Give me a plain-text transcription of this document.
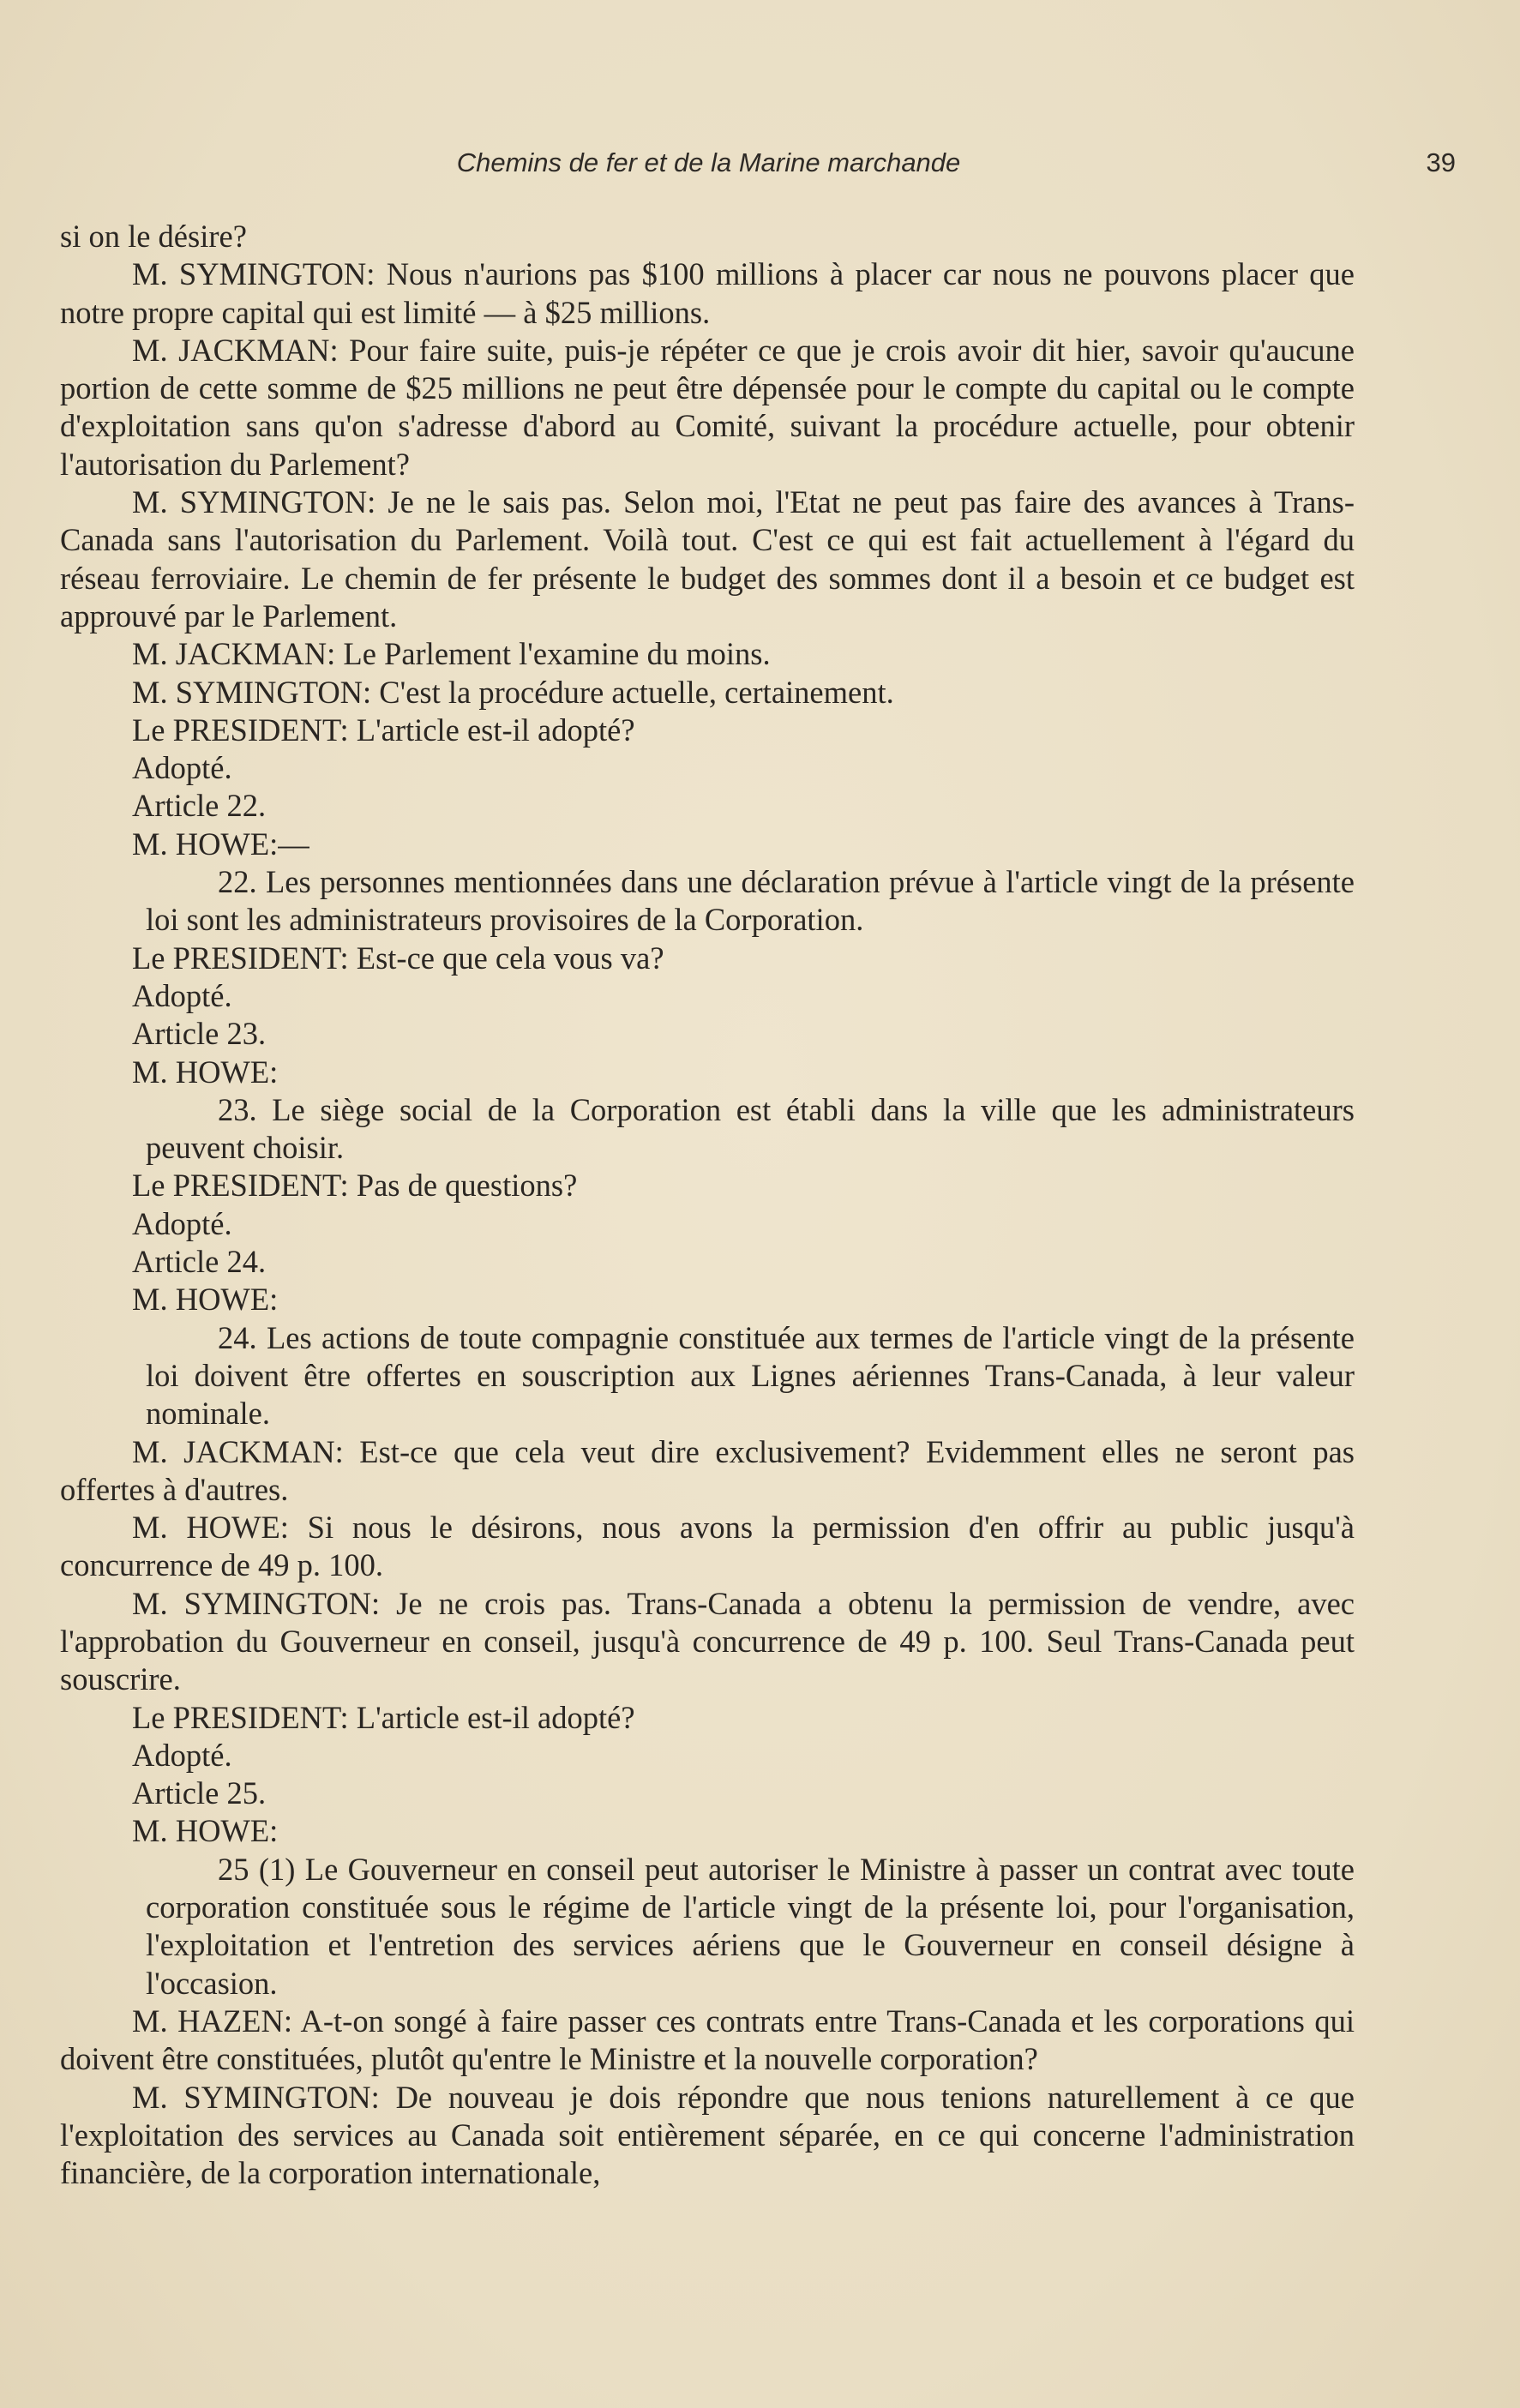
Chemins de fer et de la Marine marchande	39

si on le désire?

M. SYMINGTON: Nous n'aurions pas $100 millions à placer car nous ne pouvons placer que notre propre capital qui est limité — à $25 millions.

M. JACKMAN: Pour faire suite, puis-je répéter ce que je crois avoir dit hier, savoir qu'aucune portion de cette somme de $25 millions ne peut être dépensée pour le compte du capital ou le compte d'exploitation sans qu'on s'adresse d'abord au Comité, suivant la procédure actuelle, pour obtenir l'autorisation du Parlement?

M. SYMINGTON: Je ne le sais pas. Selon moi, l'Etat ne peut pas faire des avances à Trans-Canada sans l'autorisation du Parlement. Voilà tout. C'est ce qui est fait actuellement à l'égard du réseau ferroviaire. Le chemin de fer présente le budget des sommes dont il a besoin et ce budget est approuvé par le Parlement.

M. JACKMAN: Le Parlement l'examine du moins.

M. SYMINGTON: C'est la procédure actuelle, certainement.

Le PRESIDENT: L'article est-il adopté?

Adopté.

Article 22.

M. HOWE:—

22. Les personnes mentionnées dans une déclaration prévue à l'article vingt de la présente loi sont les administrateurs provisoires de la Corporation.

Le PRESIDENT: Est-ce que cela vous va?

Adopté.

Article 23.

M. HOWE:

23. Le siège social de la Corporation est établi dans la ville que les administrateurs peuvent choisir.

Le PRESIDENT: Pas de questions?

Adopté.

Article 24.

M. HOWE:

24. Les actions de toute compagnie constituée aux termes de l'article vingt de la présente loi doivent être offertes en souscription aux Lignes aériennes Trans-Canada, à leur valeur nominale.

M. JACKMAN: Est-ce que cela veut dire exclusivement? Evidemment elles ne seront pas offertes à d'autres.

M. HOWE: Si nous le désirons, nous avons la permission d'en offrir au public jusqu'à concurrence de 49 p. 100.

M. SYMINGTON: Je ne crois pas. Trans-Canada a obtenu la permission de vendre, avec l'approbation du Gouverneur en conseil, jusqu'à concurrence de 49 p. 100. Seul Trans-Canada peut souscrire.

Le PRESIDENT: L'article est-il adopté?

Adopté.

Article 25.

M. HOWE:

25 (1) Le Gouverneur en conseil peut autoriser le Ministre à passer un contrat avec toute corporation constituée sous le régime de l'article vingt de la présente loi, pour l'organisation, l'exploitation et l'entretion des services aériens que le Gouverneur en conseil désigne à l'occasion.

M. HAZEN: A-t-on songé à faire passer ces contrats entre Trans-Canada et les corporations qui doivent être constituées, plutôt qu'entre le Ministre et la nouvelle corporation?

M. SYMINGTON: De nouveau je dois répondre que nous tenions naturellement à ce que l'exploitation des services au Canada soit entièrement séparée, en ce qui concerne l'administration financière, de la corporation internationale,
